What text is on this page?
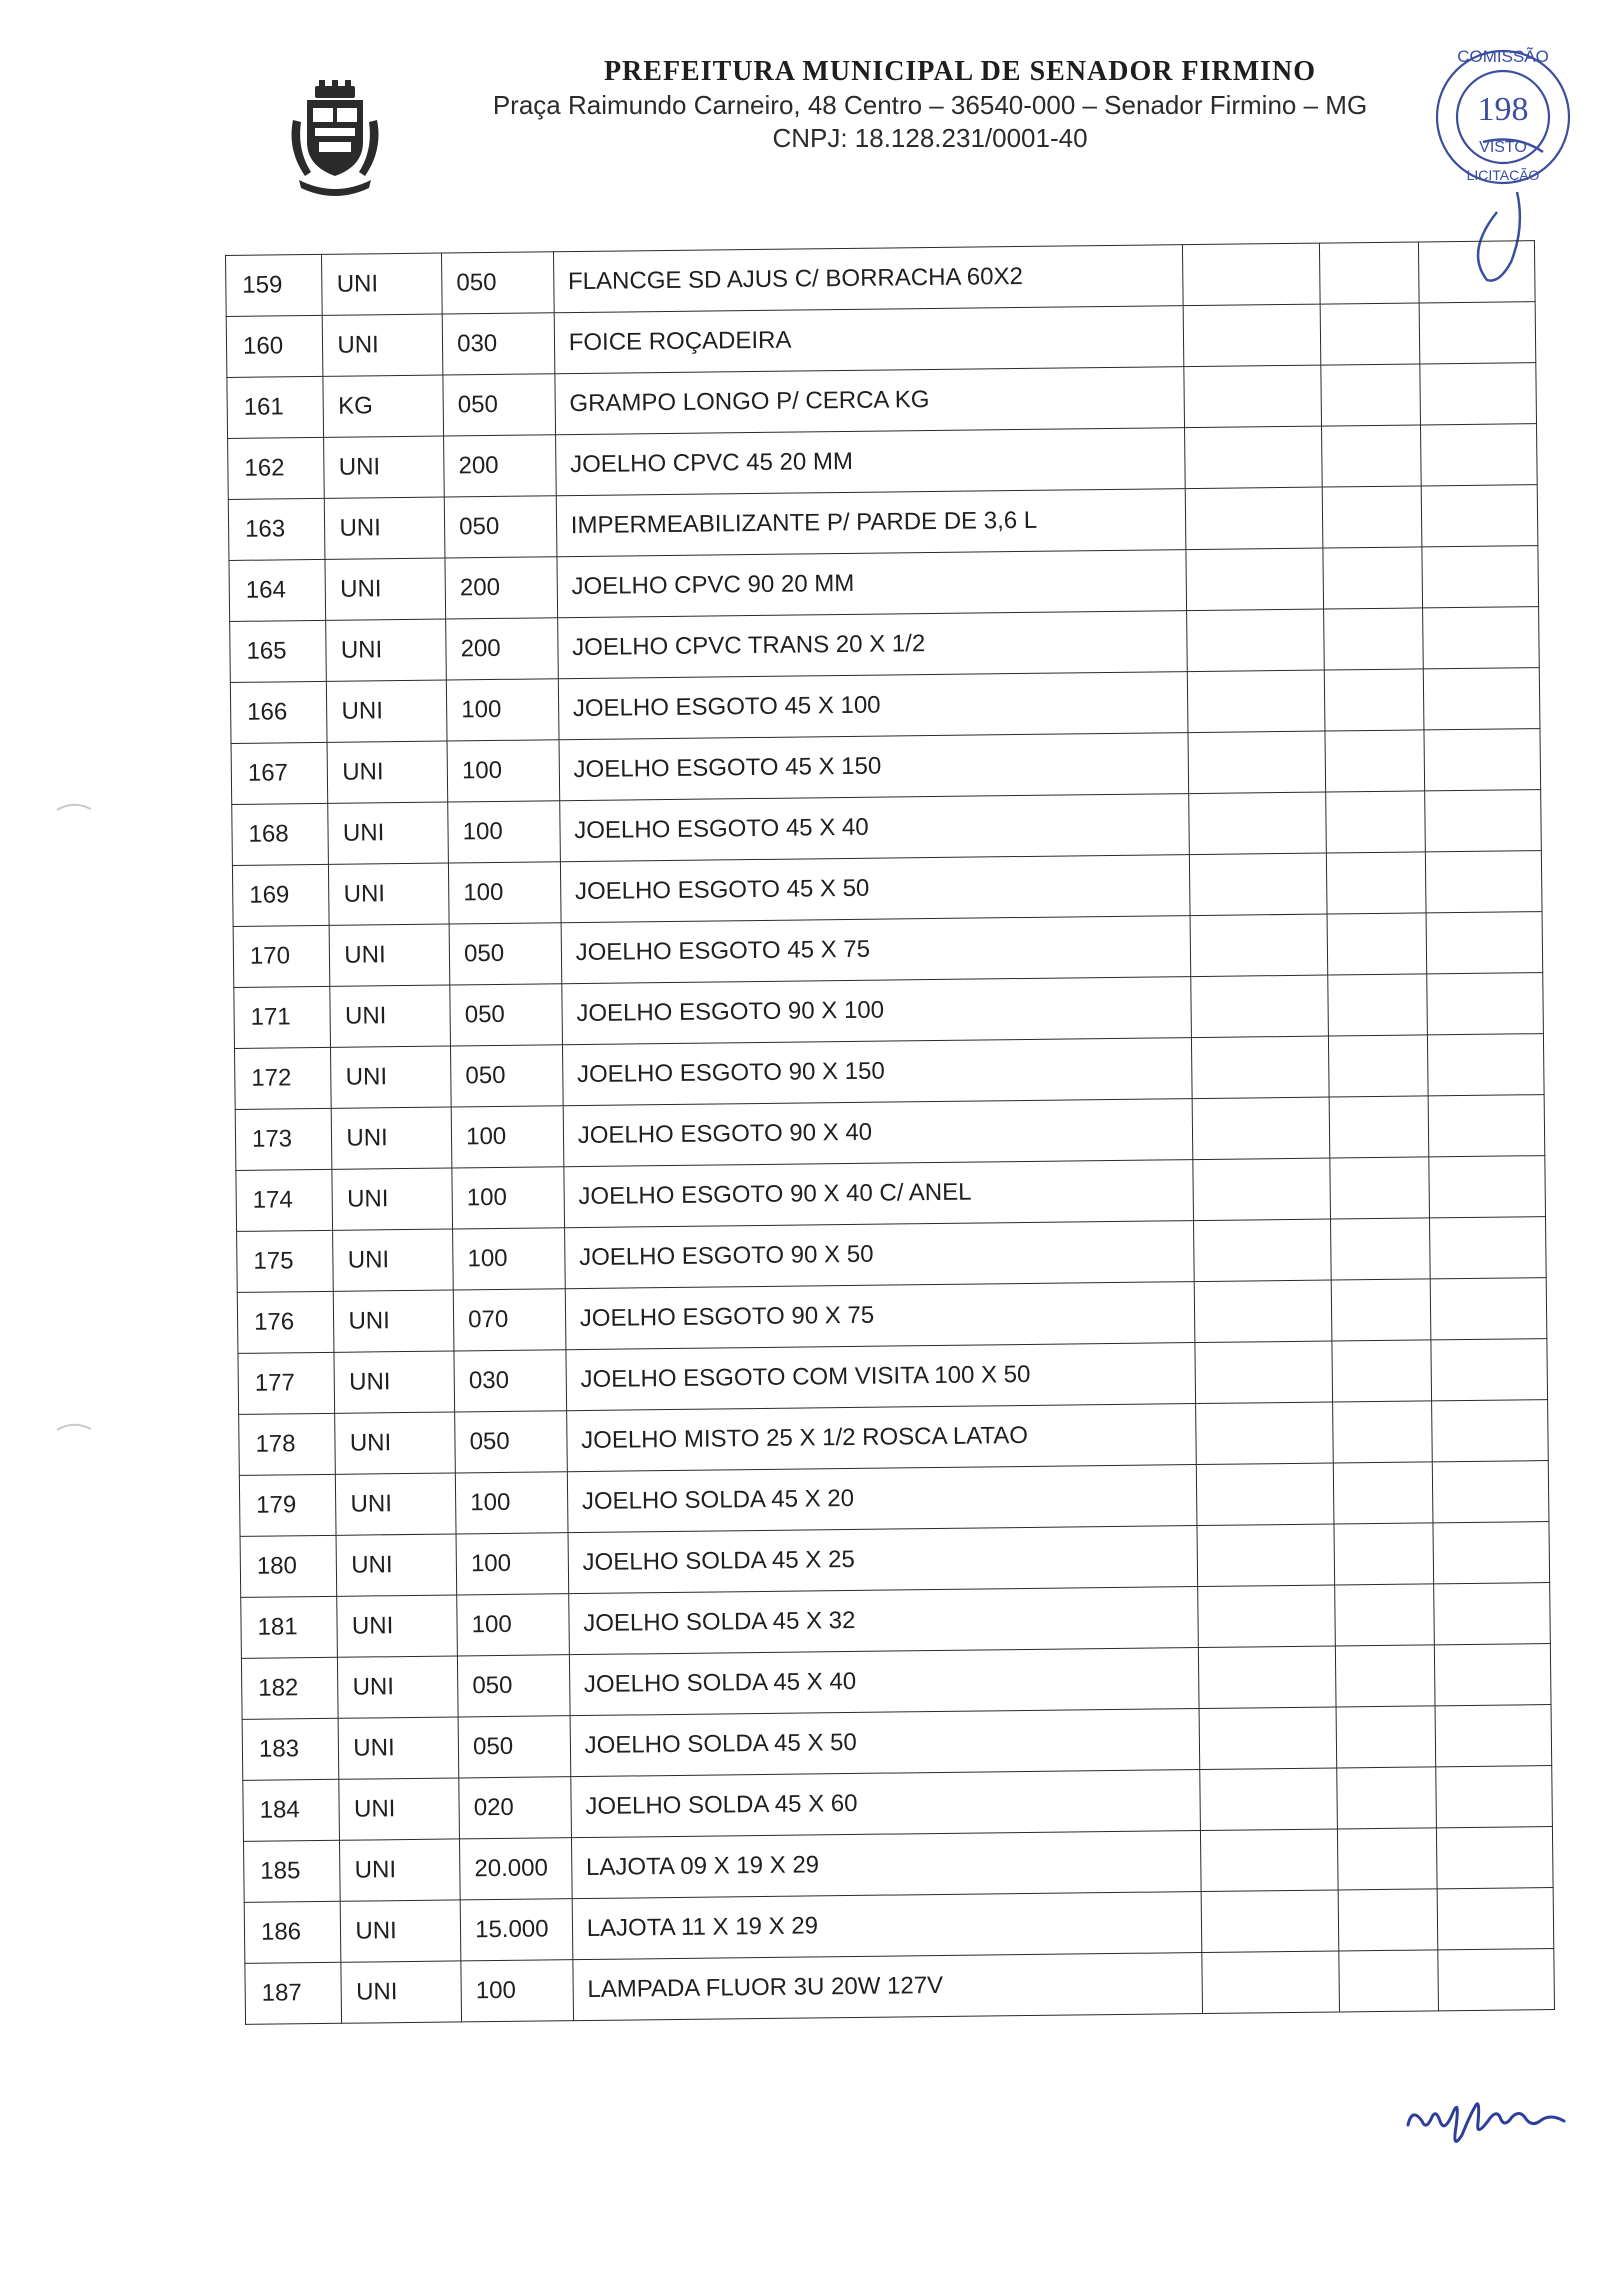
PREFEITURA MUNICIPAL DE SENADOR FIRMINO
Praça Raimundo Carneiro, 48 Centro – 36540-000 – Senador Firmino – MG
CNPJ: 18.128.231/0001-40
COMISSÃO
198
VISTO
LICITAÇÃO
159	UNI	050	FLANCGE SD AJUS C/ BORRACHA 60X2			
160	UNI	030	FOICE ROÇADEIRA			
161	KG	050	GRAMPO LONGO P/ CERCA KG			
162	UNI	200	JOELHO CPVC 45 20 MM			
163	UNI	050	IMPERMEABILIZANTE P/ PARDE DE 3,6 L			
164	UNI	200	JOELHO CPVC 90 20 MM			
165	UNI	200	JOELHO CPVC TRANS 20 X 1/2			
166	UNI	100	JOELHO ESGOTO 45 X 100			
167	UNI	100	JOELHO ESGOTO 45 X 150			
168	UNI	100	JOELHO ESGOTO 45 X 40			
169	UNI	100	JOELHO ESGOTO 45 X 50			
170	UNI	050	JOELHO ESGOTO 45 X 75			
171	UNI	050	JOELHO ESGOTO 90 X 100			
172	UNI	050	JOELHO ESGOTO 90 X 150			
173	UNI	100	JOELHO ESGOTO 90 X 40			
174	UNI	100	JOELHO ESGOTO 90 X 40 C/ ANEL			
175	UNI	100	JOELHO ESGOTO 90 X 50			
176	UNI	070	JOELHO ESGOTO 90 X 75			
177	UNI	030	JOELHO ESGOTO COM VISITA 100 X 50			
178	UNI	050	JOELHO MISTO 25 X 1/2 ROSCA LATAO			
179	UNI	100	JOELHO SOLDA 45 X 20			
180	UNI	100	JOELHO SOLDA 45 X 25			
181	UNI	100	JOELHO SOLDA 45 X 32			
182	UNI	050	JOELHO SOLDA 45 X 40			
183	UNI	050	JOELHO SOLDA 45 X 50			
184	UNI	020	JOELHO SOLDA 45 X 60			
185	UNI	20.000	LAJOTA 09 X 19 X 29			
186	UNI	15.000	LAJOTA 11 X 19 X 29			
187	UNI	100	LAMPADA FLUOR 3U 20W 127V			
